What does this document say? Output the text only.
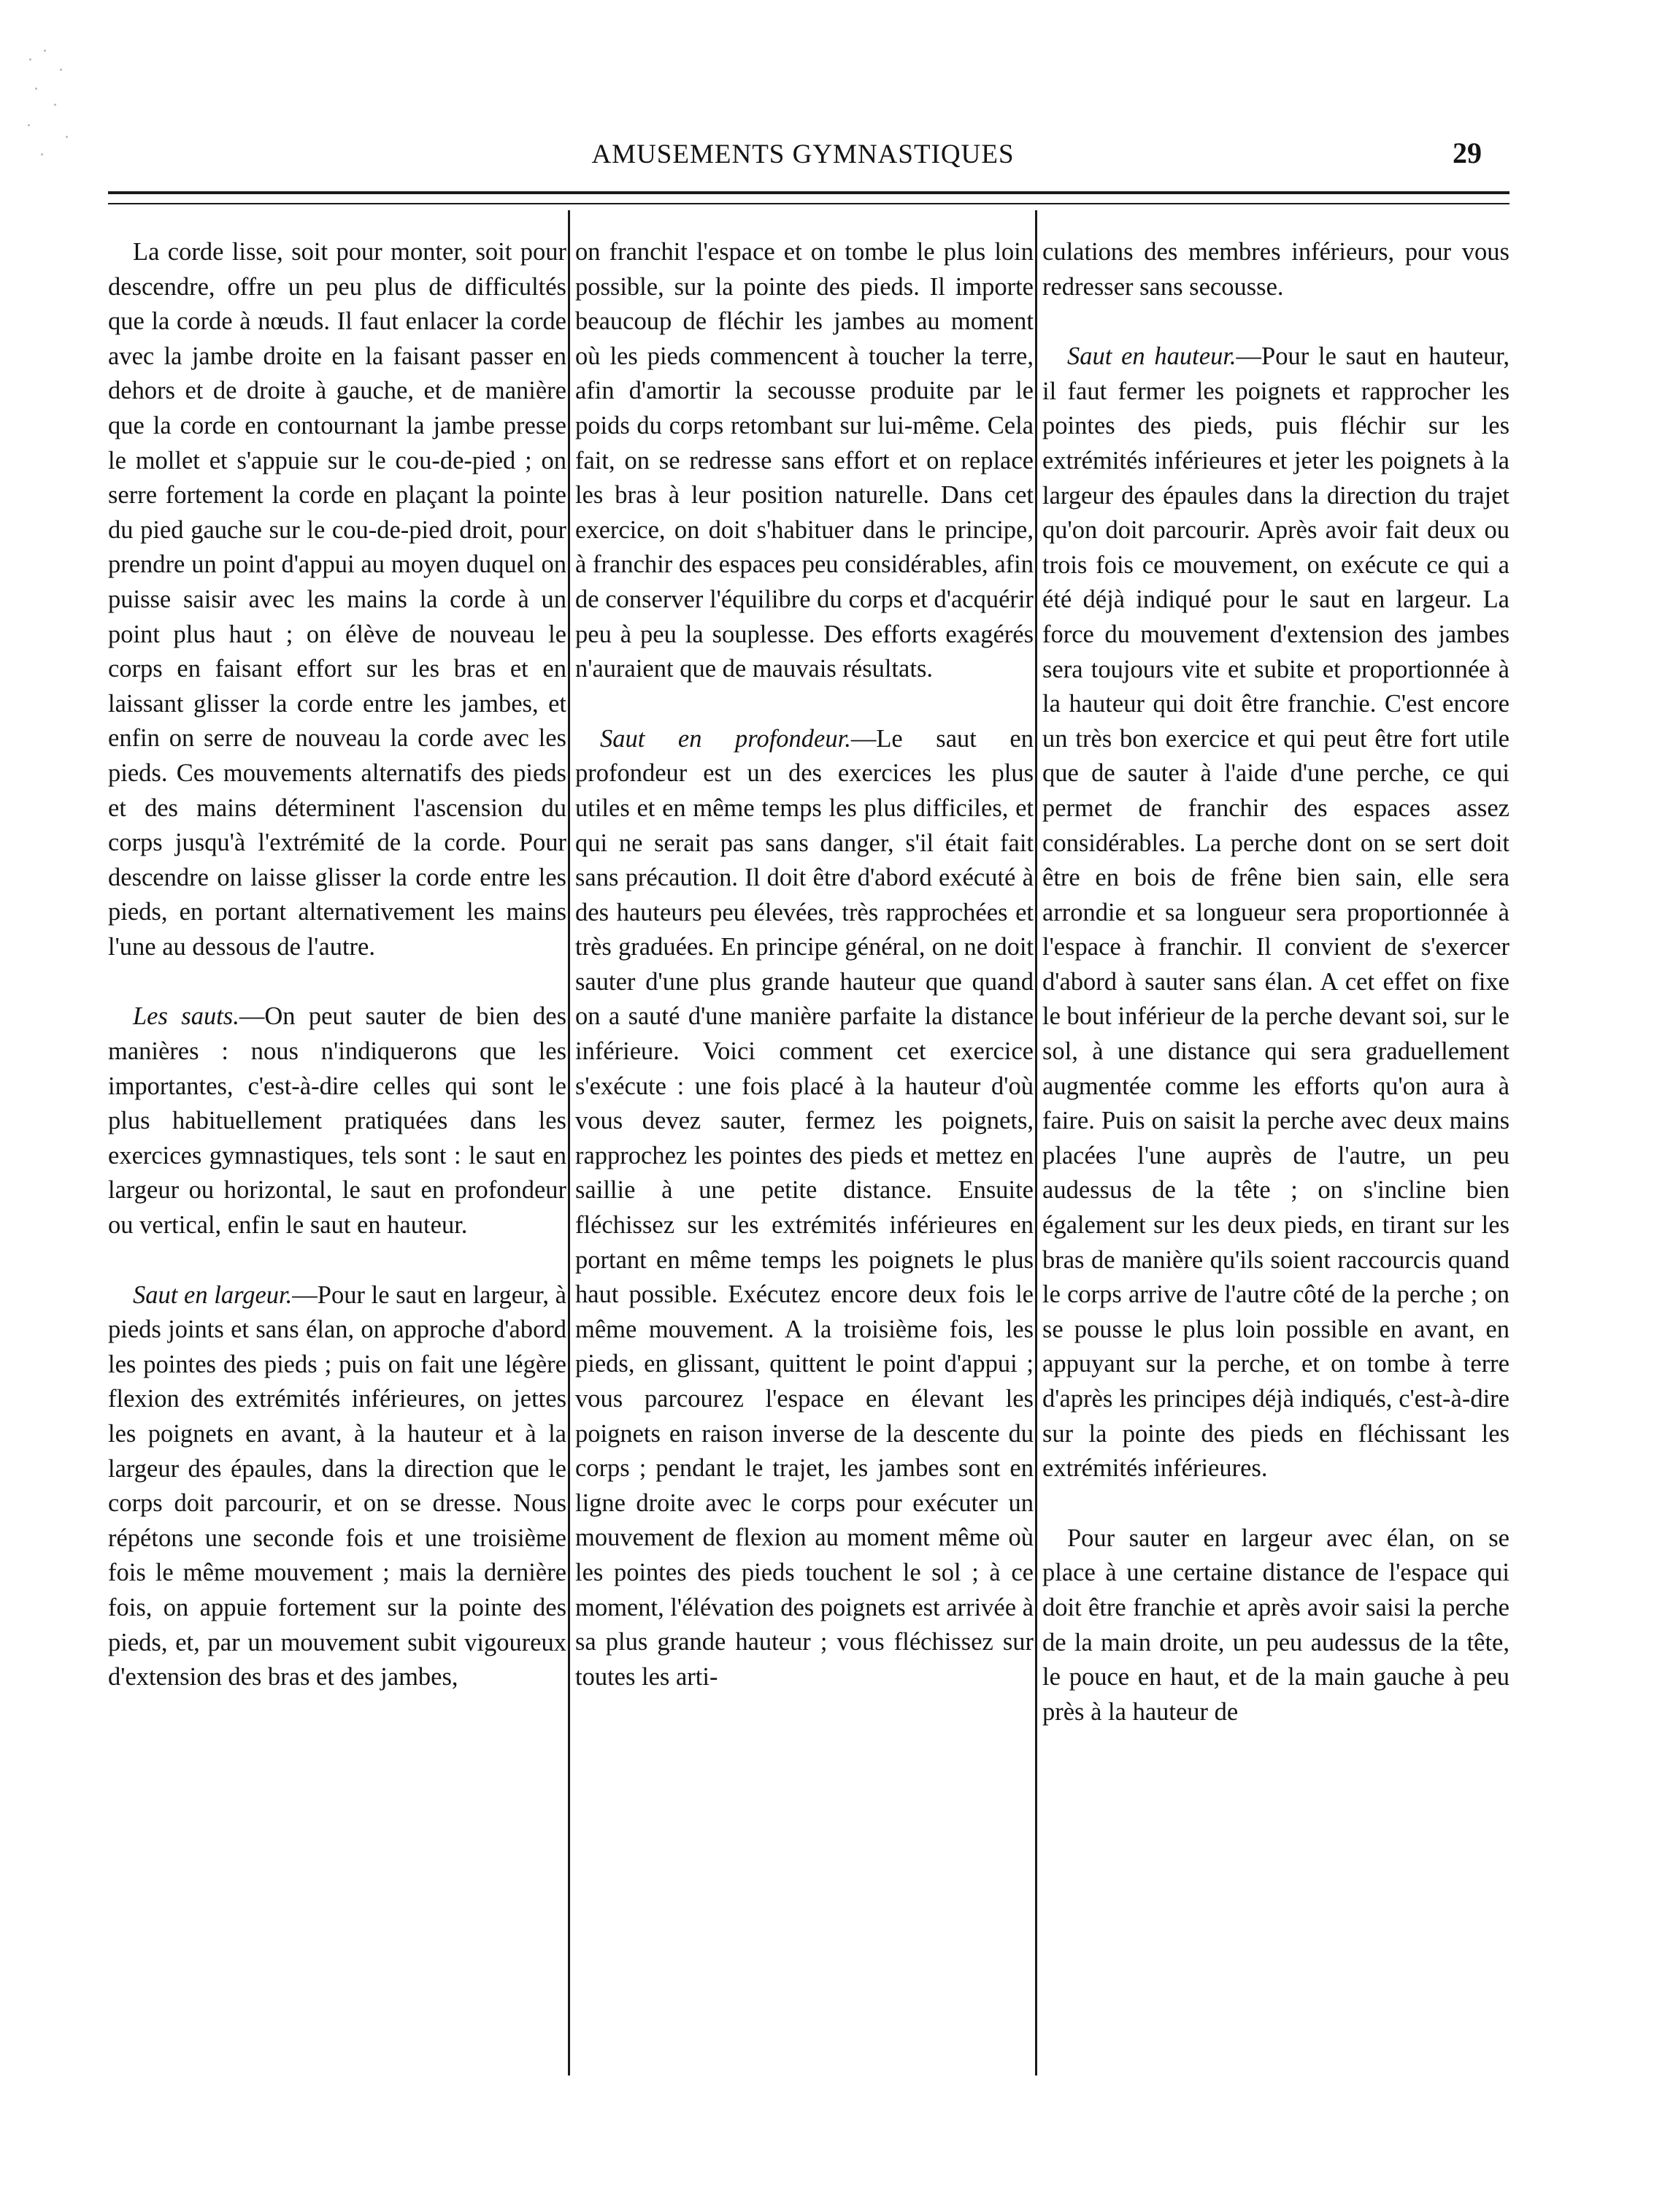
AMUSEMENTS GYMNASTIQUES	29

La corde lisse, soit pour monter, soit pour descendre, offre un peu plus de difficultés que la corde à nœuds. Il faut enlacer la corde avec la jambe droite en la faisant passer en dehors et de droite à gauche, et de manière que la corde en contournant la jambe presse le mollet et s'appuie sur le cou-de-pied ; on serre fortement la corde en plaçant la pointe du pied gauche sur le cou-de-pied droit, pour prendre un point d'appui au moyen duquel on puisse saisir avec les mains la corde à un point plus haut ; on élève de nouveau le corps en faisant effort sur les bras et en laissant glisser la corde entre les jambes, et enfin on serre de nouveau la corde avec les pieds. Ces mouvements alternatifs des pieds et des mains déterminent l'ascension du corps jusqu'à l'extrémité de la corde. Pour descendre on laisse glisser la corde entre les pieds, en portant alternativement les mains l'une au dessous de l'autre.

Les sauts.—On peut sauter de bien des manières : nous n'indiquerons que les importantes, c'est-à-dire celles qui sont le plus habituellement pratiquées dans les exercices gymnastiques, tels sont : le saut en largeur ou horizontal, le saut en profondeur ou vertical, enfin le saut en hauteur.

Saut en largeur.—Pour le saut en largeur, à pieds joints et sans élan, on approche d'abord les pointes des pieds ; puis on fait une légère flexion des extrémités inférieures, on jettes les poignets en avant, à la hauteur et à la largeur des épaules, dans la direction que le corps doit parcourir, et on se dresse. Nous répétons une seconde fois et une troisième fois le même mouvement ; mais la dernière fois, on appuie fortement sur la pointe des pieds, et, par un mouvement subit vigoureux d'extension des bras et des jambes,

on franchit l'espace et on tombe le plus loin possible, sur la pointe des pieds. Il importe beaucoup de fléchir les jambes au moment où les pieds commencent à toucher la terre, afin d'amortir la secousse produite par le poids du corps retombant sur lui-même. Cela fait, on se redresse sans effort et on replace les bras à leur position naturelle. Dans cet exercice, on doit s'habituer dans le principe, à franchir des espaces peu considérables, afin de conserver l'équilibre du corps et d'acquérir peu à peu la souplesse. Des efforts exagérés n'auraient que de mauvais résultats.

Saut en profondeur.—Le saut en profondeur est un des exercices les plus utiles et en même temps les plus difficiles, et qui ne serait pas sans danger, s'il était fait sans précaution. Il doit être d'abord exécuté à des hauteurs peu élevées, très rapprochées et très graduées. En principe général, on ne doit sauter d'une plus grande hauteur que quand on a sauté d'une manière parfaite la distance inférieure. Voici comment cet exercice s'exécute : une fois placé à la hauteur d'où vous devez sauter, fermez les poignets, rapprochez les pointes des pieds et mettez en saillie à une petite distance. Ensuite fléchissez sur les extrémités inférieures en portant en même temps les poignets le plus haut possible. Exécutez encore deux fois le même mouvement. A la troisième fois, les pieds, en glissant, quittent le point d'appui ; vous parcourez l'espace en élevant les poignets en raison inverse de la descente du corps ; pendant le trajet, les jambes sont en ligne droite avec le corps pour exécuter un mouvement de flexion au moment même où les pointes des pieds touchent le sol ; à ce moment, l'élévation des poignets est arrivée à sa plus grande hauteur ; vous fléchissez sur toutes les arti-

culations des membres inférieurs, pour vous redresser sans secousse.

Saut en hauteur.—Pour le saut en hauteur, il faut fermer les poignets et rapprocher les pointes des pieds, puis fléchir sur les extrémités inférieures et jeter les poignets à la largeur des épaules dans la direction du trajet qu'on doit parcourir. Après avoir fait deux ou trois fois ce mouvement, on exécute ce qui a été déjà indiqué pour le saut en largeur. La force du mouvement d'extension des jambes sera toujours vite et subite et proportionnée à la hauteur qui doit être franchie. C'est encore un très bon exercice et qui peut être fort utile que de sauter à l'aide d'une perche, ce qui permet de franchir des espaces assez considérables. La perche dont on se sert doit être en bois de frêne bien sain, elle sera arrondie et sa longueur sera proportionnée à l'espace à franchir. Il convient de s'exercer d'abord à sauter sans élan. A cet effet on fixe le bout inférieur de la perche devant soi, sur le sol, à une distance qui sera graduellement augmentée comme les efforts qu'on aura à faire. Puis on saisit la perche avec deux mains placées l'une auprès de l'autre, un peu audessus de la tête ; on s'incline bien également sur les deux pieds, en tirant sur les bras de manière qu'ils soient raccourcis quand le corps arrive de l'autre côté de la perche ; on se pousse le plus loin possible en avant, en appuyant sur la perche, et on tombe à terre d'après les principes déjà indiqués, c'est-à-dire sur la pointe des pieds en fléchissant les extrémités inférieures.

Pour sauter en largeur avec élan, on se place à une certaine distance de l'espace qui doit être franchie et après avoir saisi la perche de la main droite, un peu audessus de la tête, le pouce en haut, et de la main gauche à peu près à la hauteur de
